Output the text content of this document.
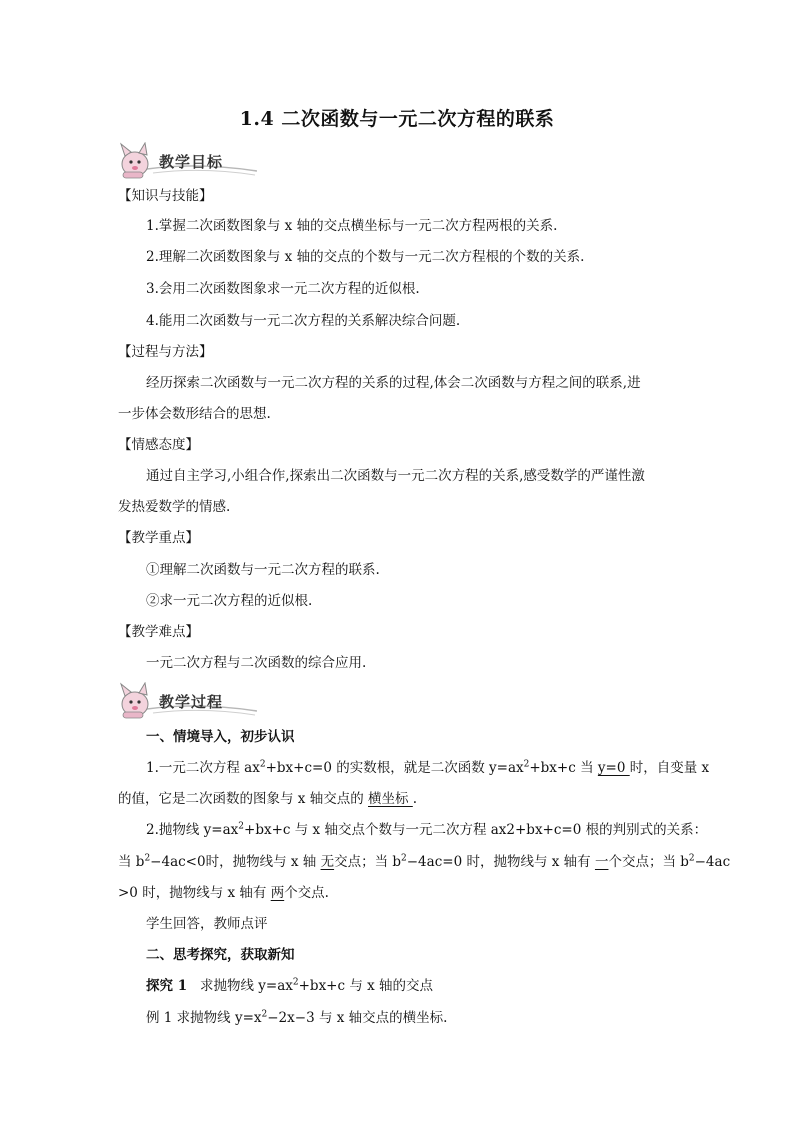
1.4 二次函数与一元二次方程的联系
教学目标
【知识与技能】
1.掌握二次函数图象与 x 轴的交点横坐标与一元二次方程两根的关系.
2.理解二次函数图象与 x 轴的交点的个数与一元二次方程根的个数的关系.
3.会用二次函数图象求一元二次方程的近似根.
4.能用二次函数与一元二次方程的关系解决综合问题.
【过程与方法】
经历探索二次函数与一元二次方程的关系的过程,体会二次函数与方程之间的联系,进
一步体会数形结合的思想.
【情感态度】
通过自主学习,小组合作,探索出二次函数与一元二次方程的关系,感受数学的严谨性激
发热爱数学的情感.
【教学重点】
①理解二次函数与一元二次方程的联系.
②求一元二次方程的近似根.
【教学难点】
一元二次方程与二次函数的综合应用.
教学过程
一、情境导入，初步认识
1.一元二次方程 $ax^2+bx+c=0$ 的实数根，就是二次函数 $y=ax^2+bx+c$ 当 y=0 时，自变量 x
的值，它是二次函数的图象与 x 轴交点的 横坐标 .
2.抛物线 $y=ax^2+bx+c$ 与 x 轴交点个数与一元二次方程 ax2+bx+c=0 根的判别式的关系：
当 $b^2-4ac<0$时，抛物线与 x 轴 无交点；当 $b^2-4ac=0$ 时，抛物线与 x 轴有 一个交点；当 $b^2-4ac$
>0 时，抛物线与 x 轴有 两个交点.
学生回答，教师点评
二、思考探究，获取新知
探究 1 求抛物线 $y=ax^2+bx+c$ 与 x 轴的交点
例 1 求抛物线 $y=x^2-2x-3$ 与 x 轴交点的横坐标.
